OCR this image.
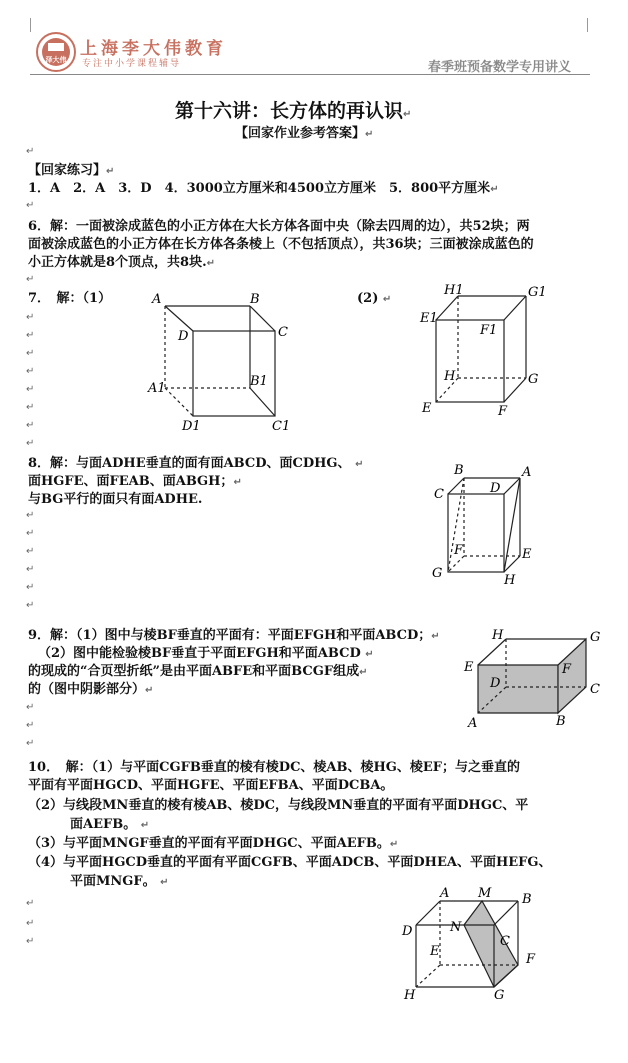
泽大伟
上海李大伟教育
专注中小学课程辅导	春季班预备数学专用讲义
第十六讲：长方体的再认识↵
【回家作业参考答案】↵
↵
【回家练习】↵
1．A　2．A　3．D　4．3000立方厘米和4500立方厘米　5．800平方厘米↵
↵
6．解：一面被涂成蓝色的小正方体在大长方体各面中央（除去四周的边），共52块；两
面被涂成蓝色的小正方体在长方体各条棱上（不包括顶点），共36块；三面被涂成蓝色的
小正方体就是8个顶点，共8块.↵
↵
7．　解：（1）	(2) ↵
↵
↵
↵
↵
↵
↵
↵
↵
A	B
C
D
A1	B1
C1
D1
H1	G1
E1
F1
H	G
E	F
8．解：与面ADHE垂直的面有面ABCD、面CDHG、 ↵
面HGFE、面FEAB、面ABGH；↵
与BG平行的面只有面ADHE.
↵
↵
↵
↵
↵
↵
B	A
C	D
F	E
G	H
9．解：（1）图中与棱BF垂直的平面有：平面EFGH和平面ABCD；↵
（2）图中能检验棱BF垂直于平面EFGH和平面ABCD ↵
的现成的“合页型折纸”是由平面ABFE和平面BCGF组成↵
的（图中阴影部分）↵
↵
↵
H	G
E	F
D	C
A	B
↵
10．　解：（1）与平面CGFB垂直的棱有棱DC、棱AB、棱HG、棱EF；与之垂直的
平面有平面HGCD、平面HGFE、平面EFBA、平面DCBA。
（2）与线段MN垂直的棱有棱AB、棱DC，与线段MN垂直的平面有平面DHGC、平
面AEFB。 ↵
（3）与平面MNGF垂直的平面有平面DHGC、平面AEFB。↵
（4）与平面HGCD垂直的平面有平面CGFB、平面ADCB、平面DHEA、平面HEFG、
平面MNGF。 ↵
↵
↵
↵
A M B
D	N
C
E
F
H	G
